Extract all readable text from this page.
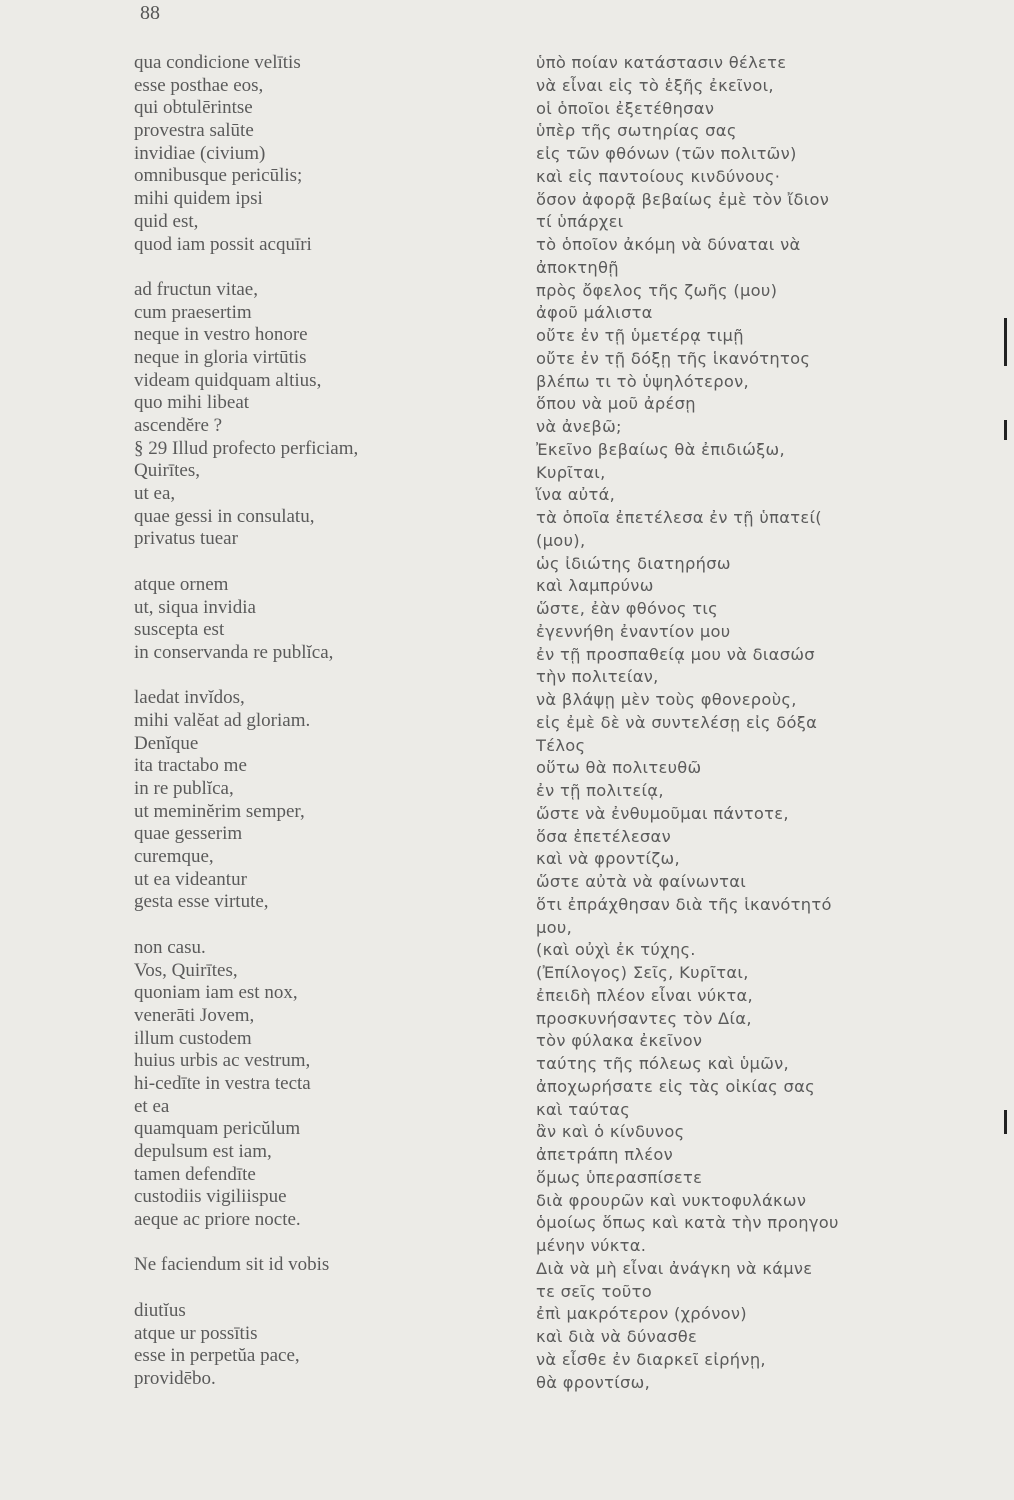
88
qua condicione velītis
esse posthae eos,
qui obtulērintse
provestra salūte
invidiae (civium)
omnibusque pericūlis;
mihi quidem ipsi
quid est,
quod iam possit acquīri
ad fructun vitae,
cum praesertim
neque in vestro honore
neque in gloria virtūtis
videam quidquam altius,
quo mihi libeat
ascendĕre ?
§ 29 Illud profecto perficiam,
Quirītes,
ut ea,
quae gessi in consulatu,
privatus tuear
atque ornem
ut, siqua invidia
suscepta est
in conservanda re publĭca,
laedat invĭdos,
mihi valĕat ad gloriam.
Denĭque
ita tractabo me
in re publĭca,
ut meminĕrim semper,
quae gesserim
curemque,
ut ea videantur
gesta esse virtute,
non casu.
Vos, Quirītes,
quoniam iam est nox,
venerāti Jovem,
illum custodem
huius urbis ac vestrum,
hi-cedīte in vestra tecta
et ea
quamquam pericŭlum
depulsum est iam,
tamen defendīte
custodiis vigiliispue
aeque ac priore nocte.
Ne faciendum sit id vobis
diutĭus
atque ur possītis
esse in perpetŭa pace,
providēbo.
ὑπὸ ποίαν κατάστασιν θέλετε
νὰ εἶναι εἰς τὸ ἑξῆς ἐκεῖνοι,
οἱ ὁποῖοι ἐξετέθησαν
ὑπὲρ τῆς σωτηρίας σας
εἰς τῶν φθόνων (τῶν πολιτῶν)
καὶ εἰς παντοίους κινδύνους·
ὅσον ἀφορᾷ βεβαίως ἐμὲ τὸν ἴδιον
τί ὑπάρχει
τὸ ὁποῖον ἀκόμη νὰ δύναται νὰ
ἀποκτηθῇ
πρὸς ὄφελος τῆς ζωῆς (μου)
ἀφοῦ μάλιστα
οὔτε ἐν τῇ ὑμετέρᾳ τιμῇ
οὔτε ἐν τῇ δόξῃ τῆς ἱκανότητος
βλέπω τι τὸ ὑψηλότερον,
ὅπου νὰ μοῦ ἀρέσῃ
νὰ ἀνεβῶ;
Ἐκεῖνο βεβαίως θὰ ἐπιδιώξω,
Κυρῖται,
ἵνα αὐτά,
τὰ ὁποῖα ἐπετέλεσα ἐν τῇ ὑπατεί(
(μου),
ὡς ἰδιώτης διατηρήσω
καὶ λαμπρύνω
ὥστε, ἐὰν φθόνος τις
ἐγεννήθη ἐναντίον μου
ἐν τῇ προσπαθείᾳ μου νὰ διασώσ
τὴν πολιτείαν,
νὰ βλάψῃ μὲν τοὺς φθονεροὺς,
εἰς ἐμὲ δὲ νὰ συντελέσῃ εἰς δόξα
Τέλος
οὕτω θὰ πολιτευθῶ
ἐν τῇ πολιτείᾳ,
ὥστε νὰ ἐνθυμοῦμαι πάντοτε,
ὅσα ἐπετέλεσαν
καὶ νὰ φροντίζω,
ὥστε αὐτὰ νὰ φαίνωνται
ὅτι ἐπράχθησαν διὰ τῆς ἱκανότητό
μου,
(καὶ οὐχὶ ἐκ τύχης.
(Ἐπίλογος) Σεῖς, Κυρῖται,
ἐπειδὴ πλέον εἶναι νύκτα,
προσκυνήσαντες τὸν Δία,
τὸν φύλακα ἐκεῖνον
ταύτης τῆς πόλεως καὶ ὑμῶν,
ἀποχωρήσατε εἰς τὰς οἰκίας σας
καὶ ταύτας
ἂν καὶ ὁ κίνδυνος
ἀπετράπη πλέον
ὅμως ὑπερασπίσετε
διὰ φρουρῶν καὶ νυκτοφυλάκων
ὁμοίως ὅπως καὶ κατὰ τὴν προηγου
μένην νύκτα.
Διὰ νὰ μὴ εἶναι ἀνάγκη νὰ κάμνε
τε σεῖς τοῦτο
ἐπὶ μακρότερον (χρόνον)
καὶ διὰ νὰ δύνασθε
νὰ εἶσθε ἐν διαρκεῖ εἰρήνῃ,
θὰ φροντίσω,
